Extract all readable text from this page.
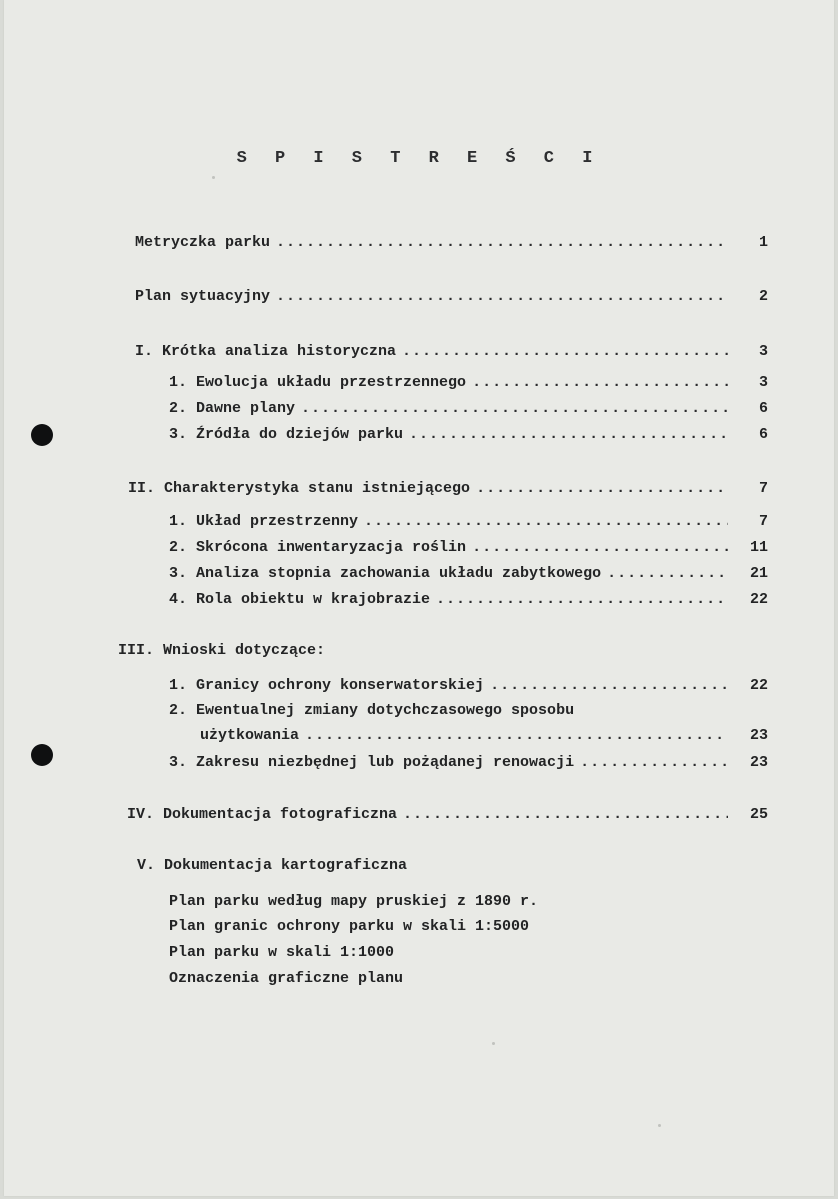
S P I S T R E Ś C I
Metryczka parku .....	1
Plan sytuacyjny .....	2
I. Krótka analiza historyczna .....	3
1. Ewolucja układu przestrzennego .....	3
2. Dawne plany .....	6
3. Źródła do dziejów parku .....	6
II. Charakterystyka stanu istniejącego .....	7
1. Układ przestrzenny .....	7
2. Skrócona inwentaryzacja roślin .....	11
3. Analiza stopnia zachowania układu zabytkowego .....	21
4. Rola obiektu w krajobrazie .....	22
III. Wnioski dotyczące:
1. Granicy ochrony konserwatorskiej .....	22
2. Ewentualnej zmiany dotychczasowego sposobu
użytkowania .....	23
3. Zakresu niezbędnej lub pożądanej renowacji .....	23
IV. Dokumentacja fotograficzna .....	25
V. Dokumentacja kartograficzna
Plan parku według mapy pruskiej z 1890 r.
Plan granic ochrony parku w skali 1:5000
Plan parku w skali 1:1000
Oznaczenia graficzne planu
